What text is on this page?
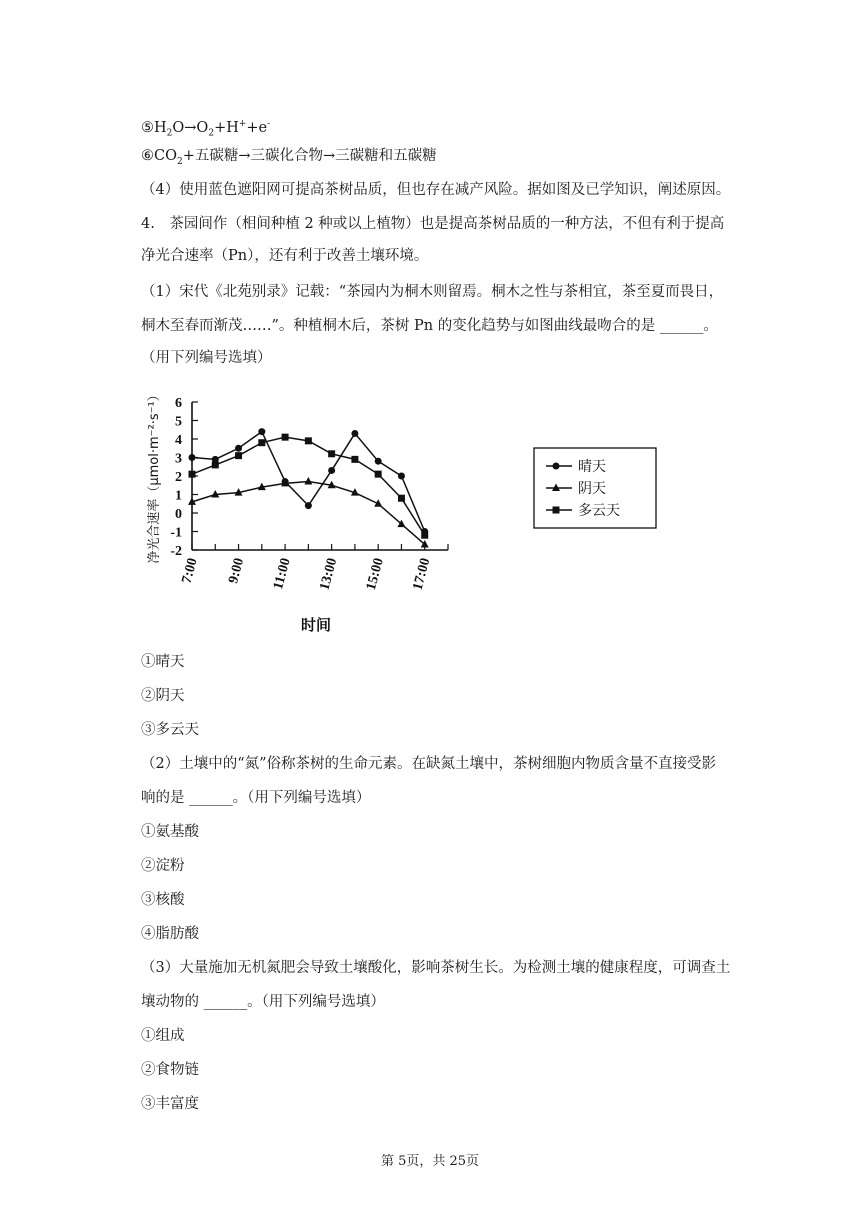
$⑤H_2O\to O_2+H^++e^-$
$⑥CO_2+$五碳糖→三碳化合物→三碳糖和五碳糖
（4）使用蓝色遮阳网可提高茶树品质，但也存在减产风险。据如图及已学知识，阐述原因。
4.　茶园间作（相间种植 2 种或以上植物）也是提高茶树品质的一种方法，不但有利于提高
净光合速率（Pn），还有利于改善土壤环境。
（1）宋代《北苑别录》记载：“茶园内为桐木则留焉。桐木之性与茶相宜，茶至夏而畏日，
桐木至春而渐茂……”。种植桐木后，茶树 Pn 的变化趋势与如图曲线最吻合的是 ______。
（用下列编号选填）
6
5
4
3
2
1
0
-1
-2
7:00 9:00 11:00 13:00 15:00 17:00
时间
净光合速率（μmol·m⁻²·s⁻¹）	晴天
阴天
多云天
①晴天
②阴天
③多云天
（2）土壤中的“氮”俗称茶树的生命元素。在缺氮土壤中，茶树细胞内物质含量不直接受影
响的是 ______。（用下列编号选填）
①氨基酸
②淀粉
③核酸
④脂肪酸
（3）大量施加无机氮肥会导致土壤酸化，影响茶树生长。为检测土壤的健康程度，可调查土
壤动物的 ______。（用下列编号选填）
①组成
②食物链
③丰富度
第 5页，共 25页
